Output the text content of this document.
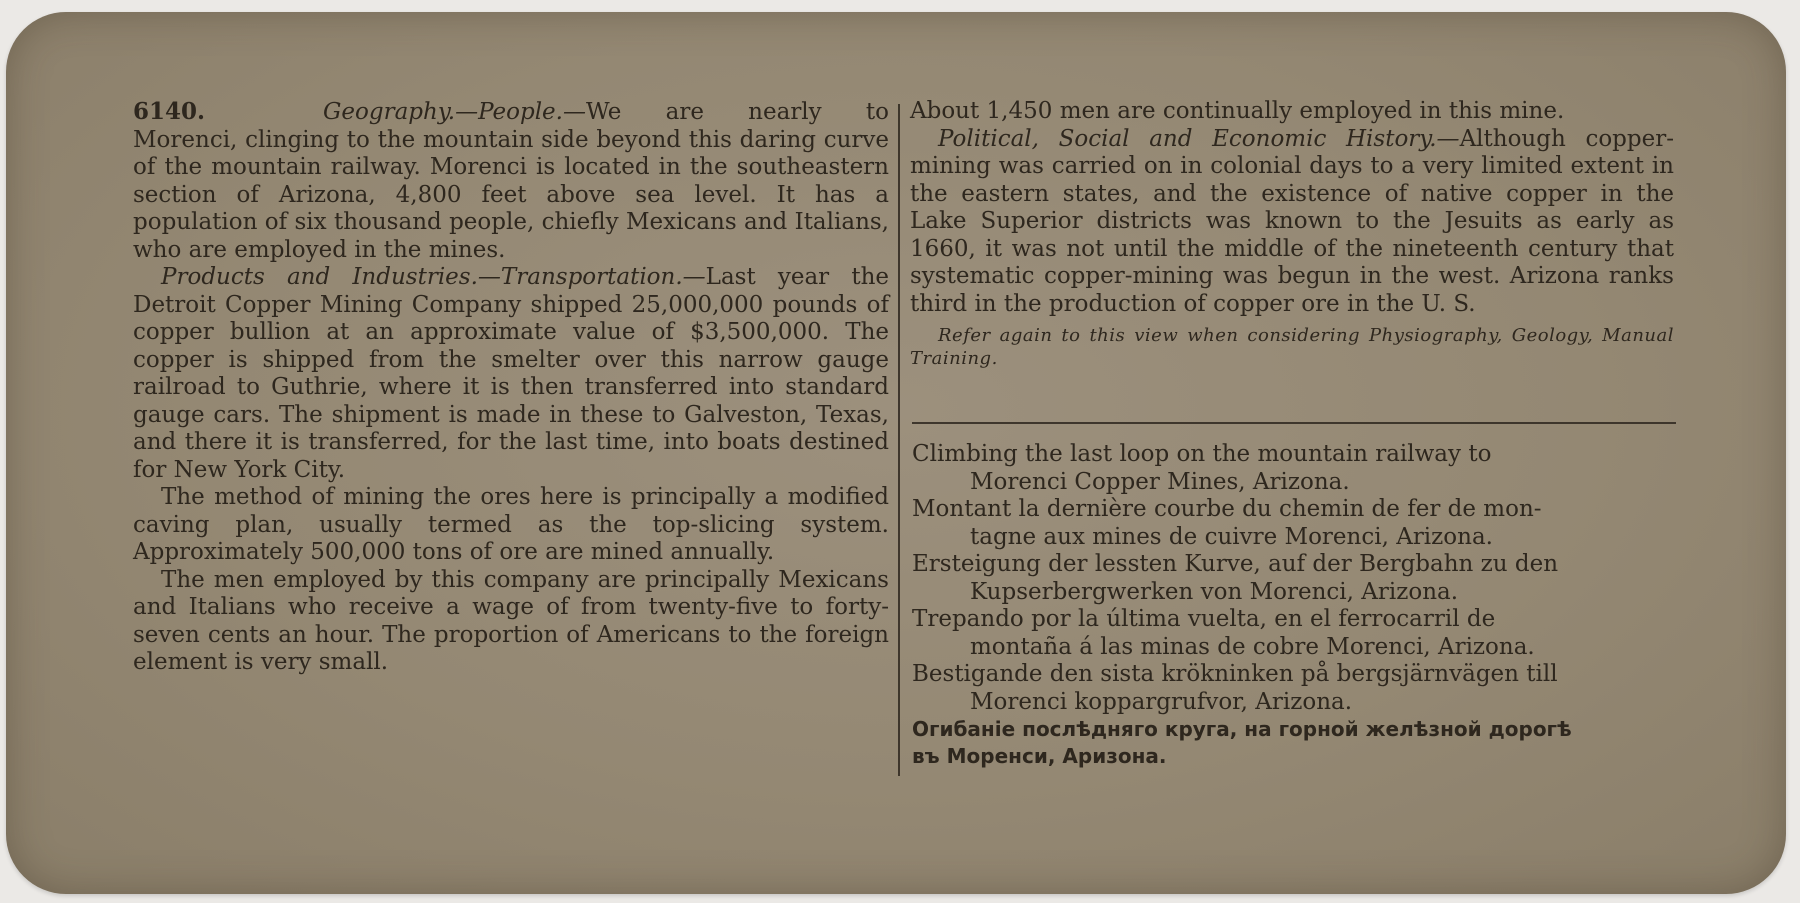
6140.	Geography.—People.—We are nearly to Morenci, clinging to the mountain side beyond this daring curve of the mountain railway. Morenci is located in the southeastern section of Arizona, 4,800 feet above sea level. It has a population of six thousand people, chiefly Mexicans and Italians, who are employed in the mines.

Products and Industries.—Transportation.—Last year the Detroit Copper Mining Company shipped 25,000,000 pounds of copper bullion at an approximate value of $3,500,000. The copper is shipped from the smelter over this narrow gauge railroad to Guthrie, where it is then transferred into standard gauge cars. The shipment is made in these to Galveston, Texas, and there it is transferred, for the last time, into boats destined for New York City.

The method of mining the ores here is principally a modified caving plan, usually termed as the top-slicing system. Approximately 500,000 tons of ore are mined annually.

The men employed by this company are principally Mexicans and Italians who receive a wage of from twenty-five to forty-seven cents an hour. The proportion of Americans to the foreign element is very small.

About 1,450 men are continually employed in this mine.

Political, Social and Economic History.—Although copper-mining was carried on in colonial days to a very limited extent in the eastern states, and the existence of native copper in the Lake Superior districts was known to the Jesuits as early as 1660, it was not until the middle of the nineteenth century that systematic copper-mining was begun in the west. Arizona ranks third in the production of copper ore in the U. S.

Refer again to this view when considering Physiography, Geology, Manual Training.

Climbing the last loop on the mountain railway to
Morenci Copper Mines, Arizona.

Montant la dernière courbe du chemin de fer de mon-
tagne aux mines de cuivre Morenci, Arizona.

Ersteigung der lessten Kurve, auf der Bergbahn zu den
Kupserbergwerken von Morenci, Arizona.

Trepando por la última vuelta, en el ferrocarril de
montaña á las minas de cobre Morenci, Arizona.

Bestigande den sista krökninken på bergsjärnvägen till
Morenci koppargrufvor, Arizona.

Огибаніе послѣдняго круга, на горной желѣзной дорогѣ
въ Моренси, Аризона.
